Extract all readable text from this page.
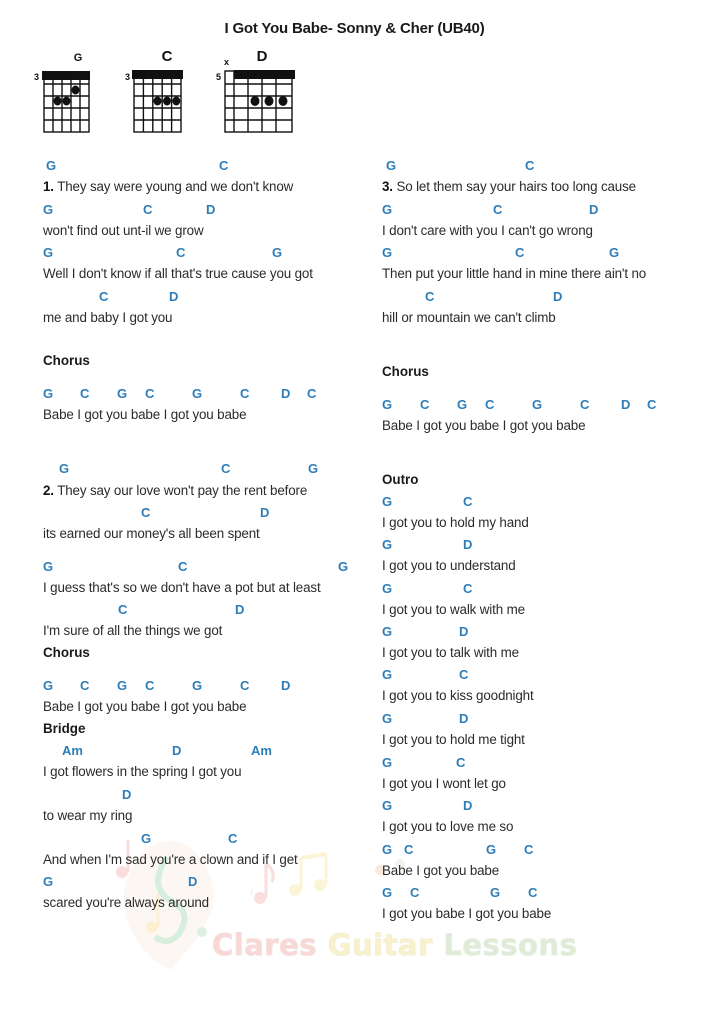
I Got You Babe- Sonny & Cher (UB40)
G
3
C
3
D
x
5
Clares Guitar Lessons
G	C
1. They say were young and we don't know
G	C	D
won't find out unt-il we grow
G	C	G
Well I don't know if all that's true cause you got
C	D
me and baby I got you
Chorus
G C G C	G	C D C
Babe I got you babe I got you babe
G	C	G
2. They say our love won't pay the rent before
C	D
its earned our money's all been spent
G	C	G
I guess that's so we don't have a pot but at least
C	D
I'm sure of all the things we got
Chorus
G C G C	G	C D
Babe I got you babe I got you babe
Bridge
Am	D	Am
I got flowers in the spring I got you
D
to wear my ring
G	C
And when I'm sad you're a clown and if I get
G	D
scared you're always around
G	C
3. So let them say your hairs too long cause
G	C	D
I don't care with you I can't go wrong
G	C	G
Then put your little hand in mine there ain't no
C	D
hill or mountain we can't climb
Chorus
G C G C	G	C D C
Babe I got you babe I got you babe
Outro
G	C
I got you to hold my hand
G	D
I got you to understand
G	C
I got you to walk with me
G	D
I got you to talk with me
G	C
I got you to kiss goodnight
G	D
I got you to hold me tight
G	C
I got you I wont let go
G	D
I got you to love me so
G C	G C
Babe I got you babe
G C	G C
I got you babe I got you babe
